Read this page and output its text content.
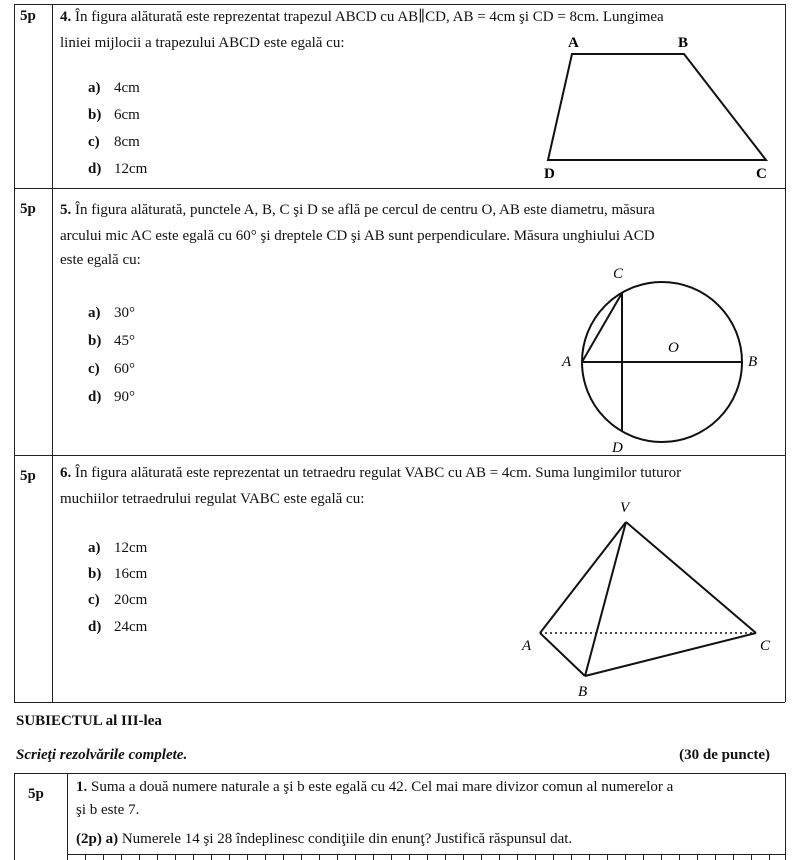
5p 4. În figura alăturată este reprezentat trapezul ABCD cu AB∥CD, AB = 4cm şi CD = 8cm. Lungimea
liniei mijlocii a trapezului ABCD este egală cu:
a) 4cm
b) 6cm
c) 8cm
d) 12cm
A	B
C
D
5p 5. În figura alăturată, punctele A, B, C şi D se află pe cercul de centru O, AB este diametru, măsura
arcului mic AC este egală cu 60° şi dreptele CD şi AB sunt perpendiculare. Măsura unghiului ACD
este egală cu:
a) 30°
b) 45°
c) 60°
d) 90°
C
A	B
O
D
5p 6. În figura alăturată este reprezentat un tetraedru regulat VABC cu AB = 4cm. Suma lungimilor tuturor
muchiilor tetraedrului regulat VABC este egală cu:
a) 12cm
b) 16cm
c) 20cm
d) 24cm
V
A	C
B
SUBIECTUL al III-lea
Scrieţi rezolvările complete.	(30 de puncte)
5p 1. Suma a două numere naturale a şi b este egală cu 42. Cel mai mare divizor comun al numerelor a
şi b este 7.
(2p) a) Numerele 14 şi 28 îndeplinesc condiţiile din enunţ? Justifică răspunsul dat.
